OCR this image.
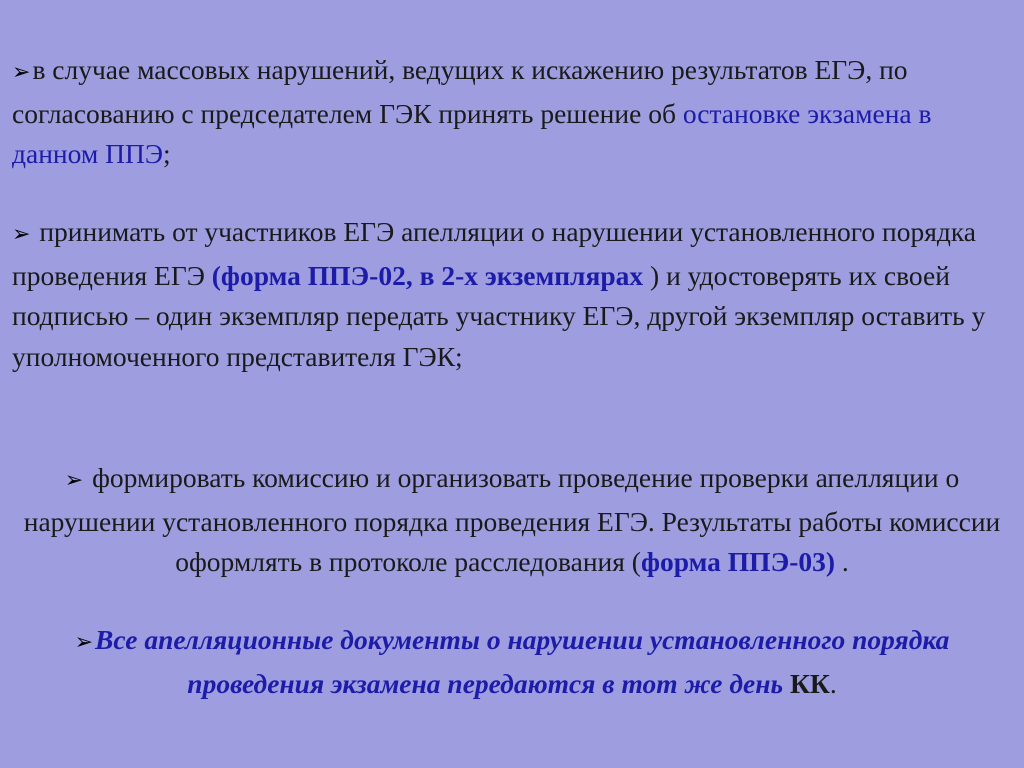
➢в случае массовых нарушений, ведущих к искажению результатов ЕГЭ, по согласованию с председателем ГЭК принять решение об остановке экзамена в данном ППЭ;

➢ принимать от участников ЕГЭ апелляции о нарушении установленного порядка проведения ЕГЭ (форма ППЭ-02, в 2-х экземплярах ) и удостоверять их своей подписью – один экземпляр передать участнику ЕГЭ, другой экземпляр оставить у уполномоченного представителя ГЭК;

➢ формировать комиссию и организовать проведение проверки апелляции о нарушении установленного порядка проведения ЕГЭ. Результаты работы комиссии оформлять в протоколе расследования (форма ППЭ-03) .

➢Все апелляционные документы о нарушении установленного порядка проведения экзамена передаются в тот же день КК.
